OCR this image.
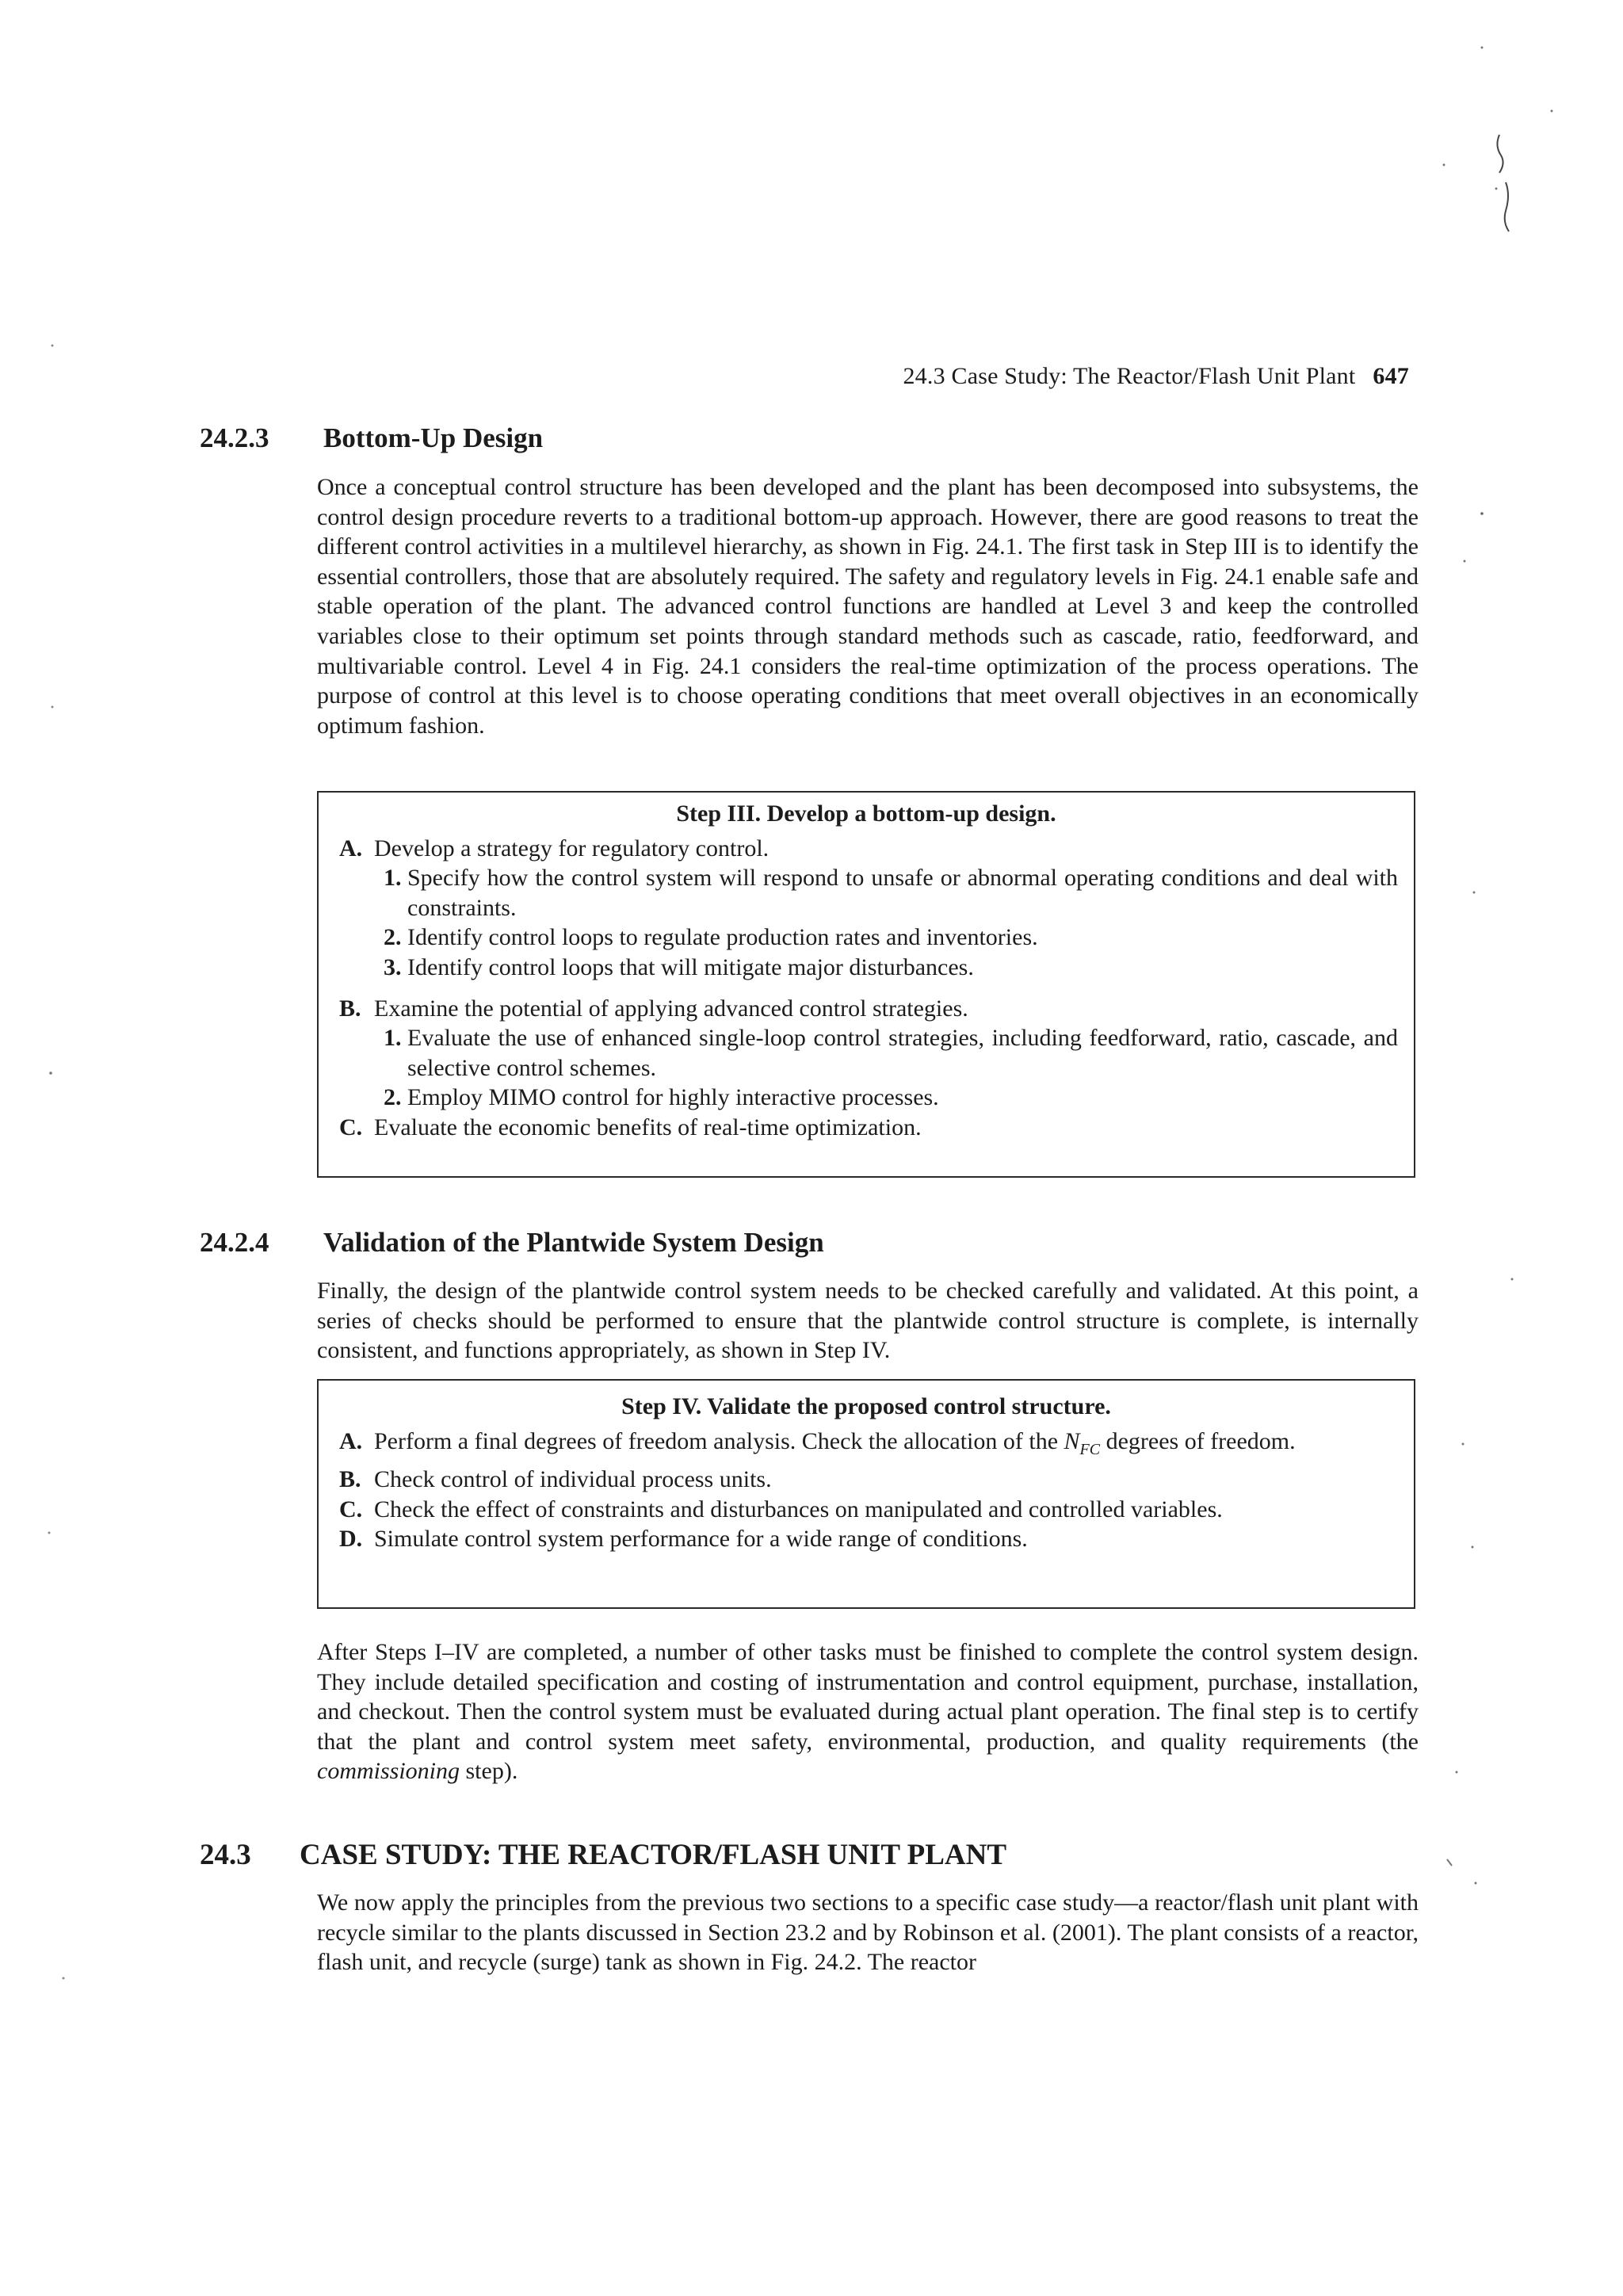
24.3 Case Study: The Reactor/Flash Unit Plant 647
24.2.3 Bottom-Up Design

Once a conceptual control structure has been developed and the plant has been decomposed into subsystems, the control design procedure reverts to a traditional bottom-up approach. However, there are good reasons to treat the different control activities in a multilevel hierarchy, as shown in Fig. 24.1. The first task in Step III is to identify the essential controllers, those that are absolutely required. The safety and regulatory levels in Fig. 24.1 enable safe and stable operation of the plant. The advanced control functions are handled at Level 3 and keep the controlled variables close to their optimum set points through standard methods such as cascade, ratio, feedforward, and multivariable control. Level 4 in Fig. 24.1 considers the real-time optimization of the process operations. The purpose of control at this level is to choose operating conditions that meet overall objectives in an economically optimum fashion.

Step III. Develop a bottom-up design.
A. Develop a strategy for regulatory control.
1. Specify how the control system will respond to unsafe or abnormal operating conditions and deal with constraints.
2. Identify control loops to regulate production rates and inventories.
3. Identify control loops that will mitigate major disturbances.
B. Examine the potential of applying advanced control strategies.
1. Evaluate the use of enhanced single-loop control strategies, including feedforward, ratio, cascade, and selective control schemes.
2. Employ MIMO control for highly interactive processes.
C. Evaluate the economic benefits of real-time optimization.
24.2.4 Validation of the Plantwide System Design

Finally, the design of the plantwide control system needs to be checked carefully and validated. At this point, a series of checks should be performed to ensure that the plantwide control structure is complete, is internally consistent, and functions appropriately, as shown in Step IV.

Step IV. Validate the proposed control structure.
A. Perform a final degrees of freedom analysis. Check the allocation of the $N_{FC}$ degrees of freedom.
B. Check control of individual process units.
C. Check the effect of constraints and disturbances on manipulated and controlled variables.
D. Simulate control system performance for a wide range of conditions.

After Steps I–IV are completed, a number of other tasks must be finished to complete the control system design. They include detailed specification and costing of instrumentation and control equipment, purchase, installation, and checkout. Then the control system must be evaluated during actual plant operation. The final step is to certify that the plant and control system meet safety, environmental, production, and quality requirements (the commissioning step).

24.3 CASE STUDY: THE REACTOR/FLASH UNIT PLANT

We now apply the principles from the previous two sections to a specific case study—a reactor/flash unit plant with recycle similar to the plants discussed in Section 23.2 and by Robinson et al. (2001). The plant consists of a reactor, flash unit, and recycle (surge) tank as shown in Fig. 24.2. The reactor
